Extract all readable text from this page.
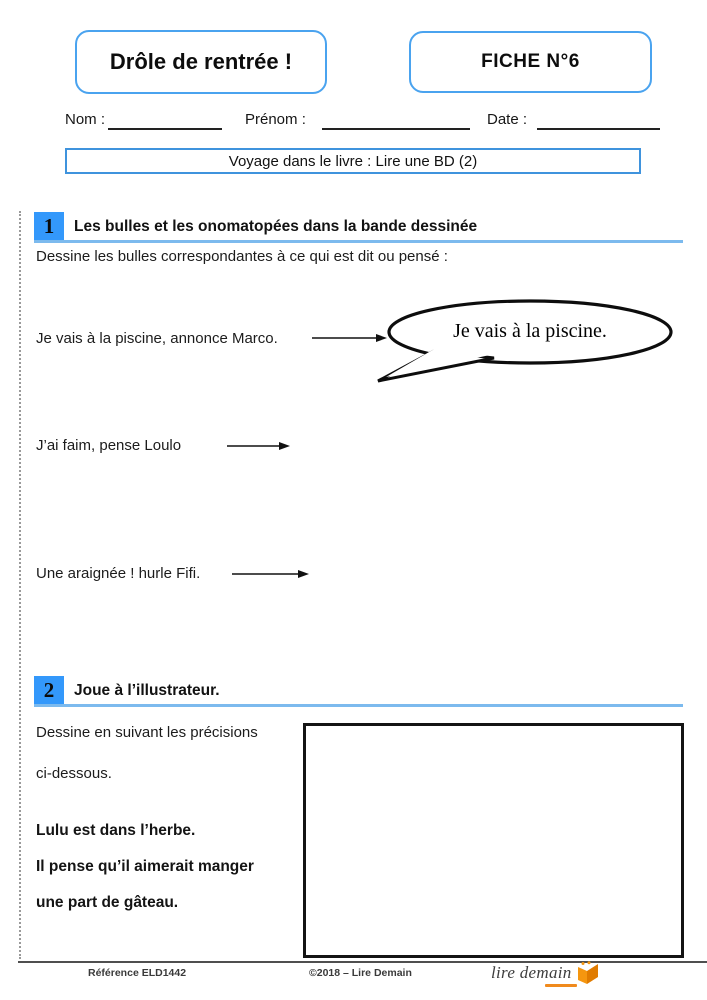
Drôle de rentrée !	FICHE N°6
Nom :	Prénom :	Date :
Voyage dans le livre : Lire une BD (2)
1 Les bulles et les onomatopées dans la bande dessinée
Dessine les bulles correspondantes à ce qui est dit ou pensé :
Je vais à la piscine, annonce Marco.	Je vais à la piscine.
J’ai faim, pense Loulo
Une araignée ! hurle Fifi.
2 Joue à l’illustrateur.
Dessine en suivant les précisions
ci-dessous.
Lulu est dans l’herbe.
Il pense qu’il aimerait manger
une part de gâteau.
Référence ELD1442	©2018 – Lire Demain	lire demain
